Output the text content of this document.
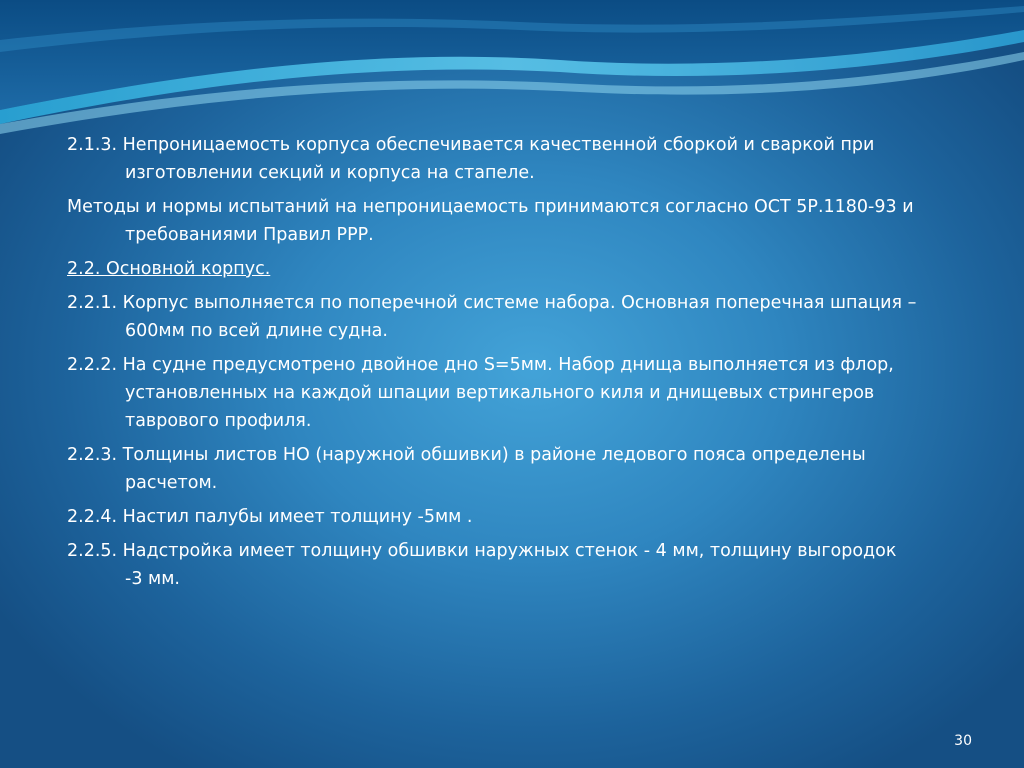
2.1.3. Непроницаемость корпуса обеспечивается качественной сборкой и сваркой при изготовлении секций и корпуса на стапеле.

Методы и нормы испытаний на непроницаемость принимаются согласно ОСТ 5Р.1180-93 и требованиями Правил РРР.

2.2. Основной корпус.

2.2.1. Корпус выполняется по поперечной системе набора. Основная поперечная шпация – 600мм по всей длине судна.

2.2.2. На судне предусмотрено двойное дно S=5мм. Набор днища выполняется из флор, установленных на каждой шпации вертикального киля и днищевых стрингеров таврового профиля.

2.2.3. Толщины листов НО (наружной обшивки) в районе ледового пояса определены расчетом.

2.2.4. Настил палубы имеет толщину -5мм .

2.2.5. Надстройка имеет толщину обшивки наружных стенок - 4 мм, толщину выгородок -3 мм.

30
